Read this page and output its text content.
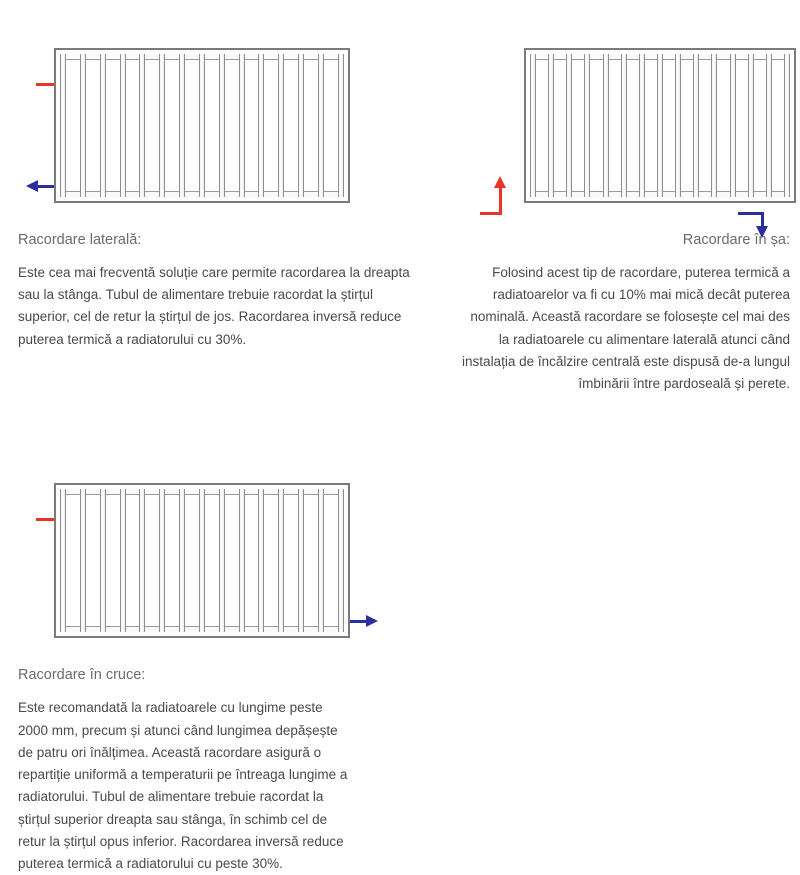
Racordare laterală:
Este cea mai frecventă soluție care permite racordarea la dreapta sau la stânga. Tubul de alimentare trebuie racordat la știrțul superior, cel de retur la știrțul de jos. Racordarea inversă reduce puterea termică a radiatorului cu 30%.
Racordare în șa:
Folosind acest tip de racordare, puterea termică a radiatoarelor va fi cu 10% mai mică decât puterea nominală. Această racordare se folosește cel mai des la radiatoarele cu alimentare laterală atunci când instalația de încălzire centrală este dispusă de-a lungul îmbinării între pardoseală și perete.
Racordare în cruce:
Este recomandată la radiatoarele cu lungime peste 2000 mm, precum și atunci când lungimea depășește de patru ori înălțimea. Această racordare asigură o repartiție uniformă a temperaturii pe întreaga lungime a radiatorului. Tubul de alimentare trebuie racordat la știrțul superior dreapta sau stânga, în schimb cel de retur la știrțul opus inferior. Racordarea inversă reduce puterea termică a radiatorului cu peste 30%.
